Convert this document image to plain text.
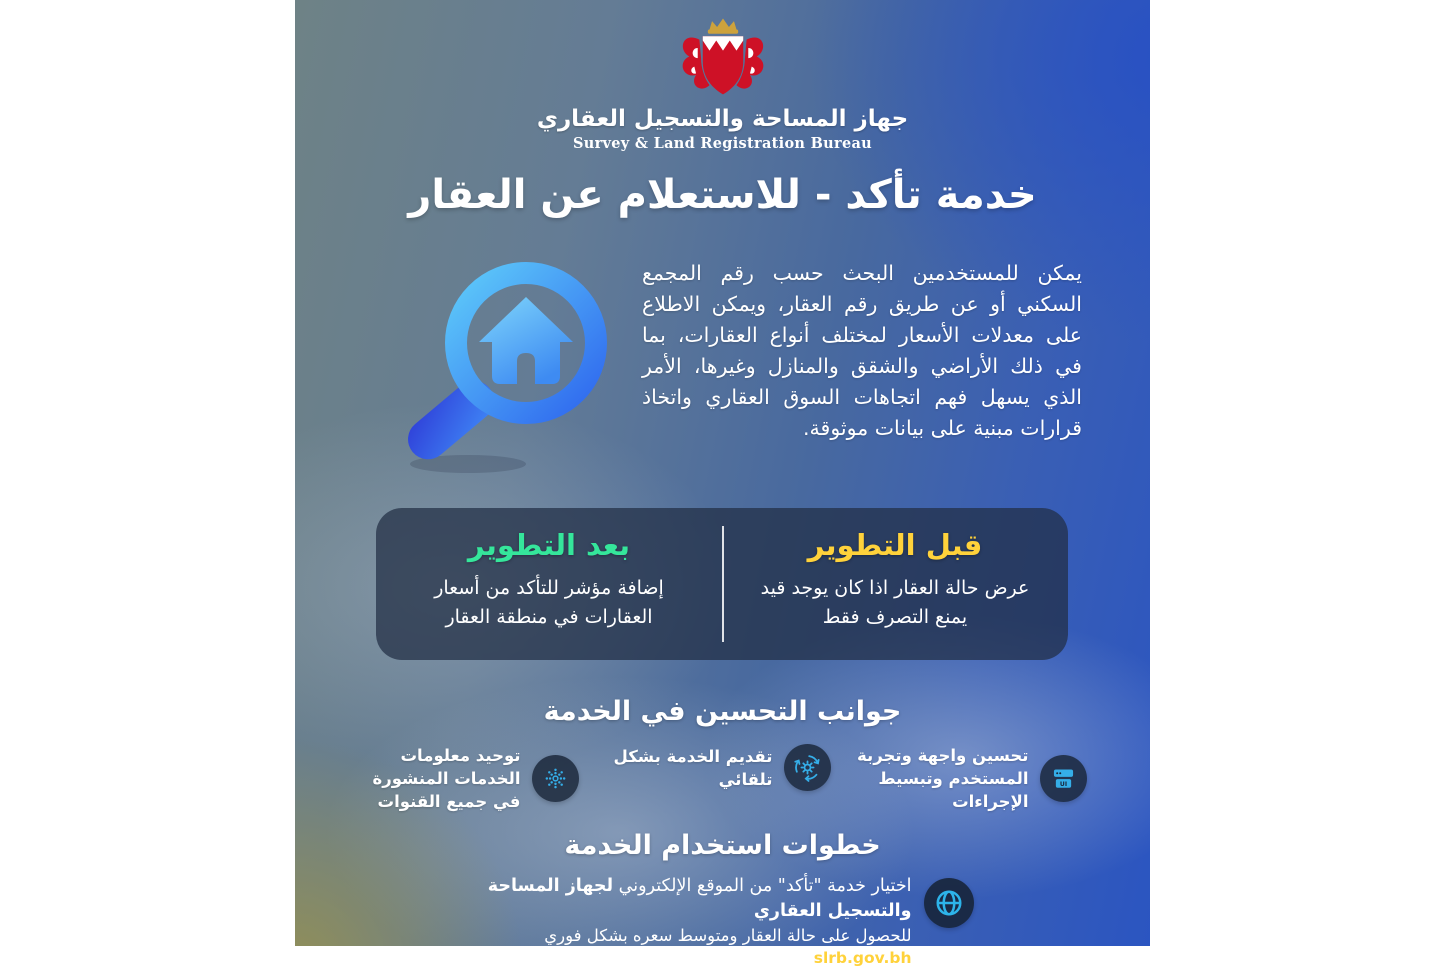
جهاز المساحة والتسجيل العقاري
Survey & Land Registration Bureau
خدمة تأكد - للاستعلام عن العقار

يمكن للمستخدمين البحث حسب رقم المجمع السكني أو عن طريق رقم العقار، ويمكن الاطلاع على معدلات الأسعار لمختلف أنواع العقارات، بما في ذلك الأراضي والشقق والمنازل وغيرها، الأمر الذي يسهل فهم اتجاهات السوق العقاري واتخاذ قرارات مبنية على بيانات موثوقة.

قبل التطوير
عرض حالة العقار اذا كان يوجد قيد يمنع التصرف فقط
بعد التطوير
إضافة مؤشر للتأكد من أسعار العقارات في منطقة العقار
جوانب التحسين في الخدمة
UI
تحسين واجهة وتجربة المستخدم وتبسيط الإجراءات
تقديم الخدمة بشكل تلقائي
توحيد معلومات الخدمات المنشورة في جميع القنوات
خطوات استخدام الخدمة
اختيار خدمة "تأكد" من الموقع الإلكتروني لجهاز المساحة والتسجيل العقاري
للحصول على حالة العقار ومتوسط سعره بشكل فوري
slrb.gov.bh
